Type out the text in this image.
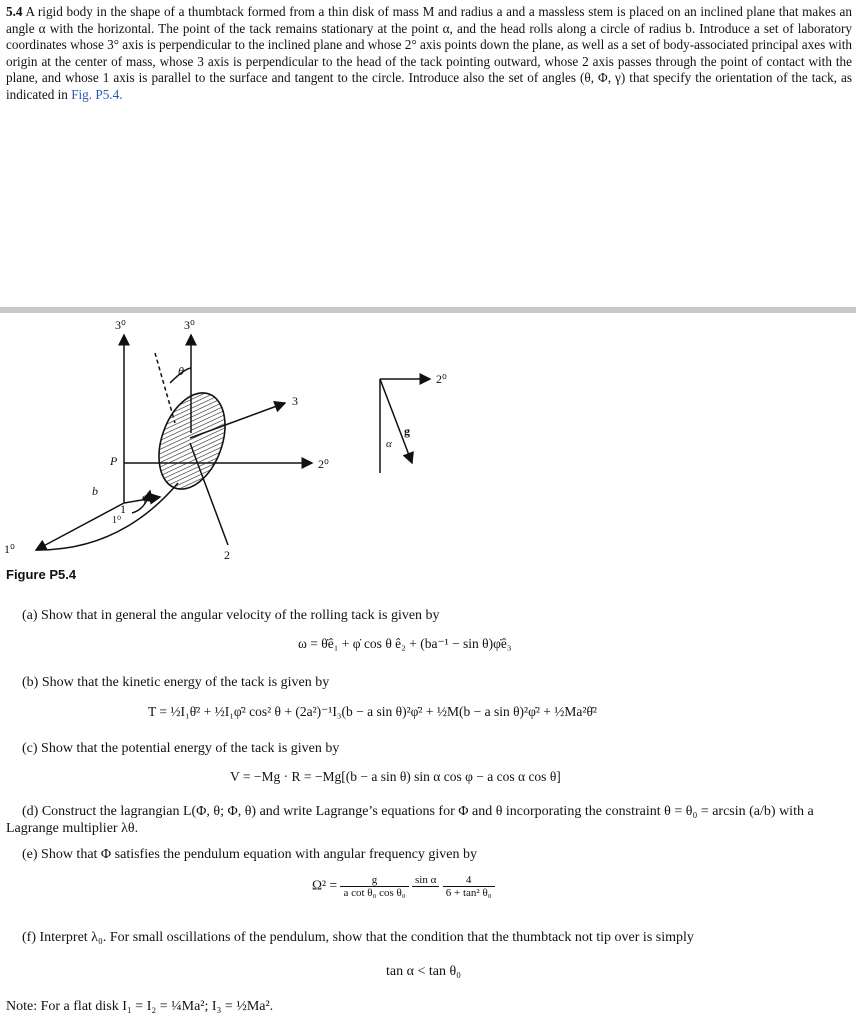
5.4 A rigid body in the shape of a thumbtack formed from a thin disk of mass M and radius a and a massless stem is placed on an inclined plane that makes an angle α with the horizontal. The point of the tack remains stationary at the point α, and the head rolls along a circle of radius b. Introduce a set of laboratory coordinates whose 3° axis is perpendicular to the inclined plane and whose 2° axis points down the plane, as well as a set of body-associated principal axes with origin at the center of mass, whose 3 axis is perpendicular to the head of the tack pointing outward, whose 2 axis passes through the point of contact with the plane, and whose 1 axis is parallel to the surface and tangent to the circle. Introduce also the set of angles (θ, Φ, γ) that specify the orientation of the tack, as indicated in Fig. P5.4.
3⁰	3⁰
θ
3
P	2⁰
b	φ
1
1⁰
1⁰	2
2⁰
g
α
Figure P5.4
(a) Show that in general the angular velocity of the rolling tack is given by
ω = θ̇ê₁ + φ̇ cos θ ê₂ + (ba⁻¹ − sin θ)φ̇ê₃
(b) Show that the kinetic energy of the tack is given by
T = ½I₁θ̇² + ½I₁φ̇² cos² θ + (2a²)⁻¹I₃(b − a sin θ)²φ̇² + ½M(b − a sin θ)²φ̇² + ½Ma²θ̇²
(c) Show that the potential energy of the tack is given by
V = −Mg · R = −Mg[(b − a sin θ) sin α cos φ − a cos α cos θ]
(d) Construct the lagrangian L(Φ, θ; Φ, θ) and write Lagrange’s equations for Φ and θ incorporating the constraint θ = θ₀ = arcsin (a/b) with a Lagrange multiplier λθ.
(e) Show that Φ satisfies the pendulum equation with angular frequency given by
$\Omega^2 = \frac{g}{\text{a cot θ₀ cos θ₀}}$
sin α

$\frac{4}{\text{6 + tan² θ₀}}$
(f) Interpret λ₀. For small oscillations of the pendulum, show that the condition that the thumbtack not tip over is simply
tan α < tan θ₀
Note: For a flat disk I₁ = I₂ = ¼Ma²; I₃ = ½Ma².
